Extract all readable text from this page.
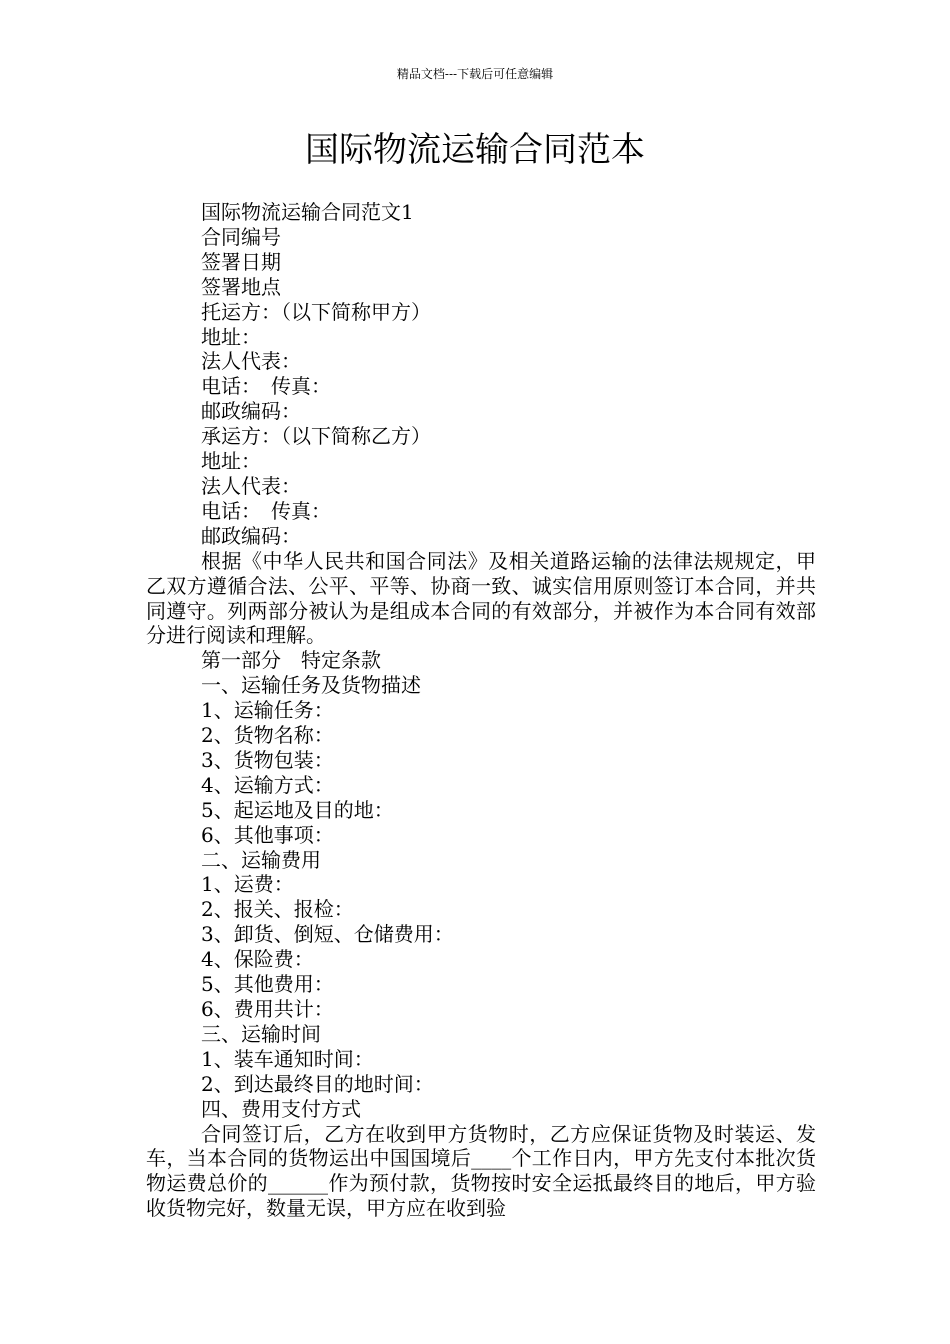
精品文档---下载后可任意编辑
国际物流运输合同范本
国际物流运输合同范文1
合同编号
签署日期
签署地点
托运方：（以下简称甲方）
地址：
法人代表：
电话：　传真：
邮政编码：
承运方：（以下简称乙方）
地址：
法人代表：
电话：　传真：
邮政编码：
根据《中华人民共和国合同法》及相关道路运输的法律法规规定，甲乙双方遵循合法、公平、平等、协商一致、诚实信用原则签订本合同，并共同遵守。列两部分被认为是组成本合同的有效部分，并被作为本合同有效部分进行阅读和理解。
第一部分　特定条款
一、运输任务及货物描述
1、运输任务：
2、货物名称：
3、货物包装：
4、运输方式：
5、起运地及目的地：
6、其他事项：
二、运输费用
1、运费：
2、报关、报检：
3、卸货、倒短、仓储费用：
4、保险费：
5、其他费用：
6、费用共计：
三、运输时间
1、装车通知时间：
2、到达最终目的地时间：
四、费用支付方式
合同签订后，乙方在收到甲方货物时，乙方应保证货物及时装运、发车，当本合同的货物运出中国国境后____个工作日内，甲方先支付本批次货物运费总价的______作为预付款，货物按时安全运抵最终目的地后，甲方验收货物完好，数量无误，甲方应在收到验
